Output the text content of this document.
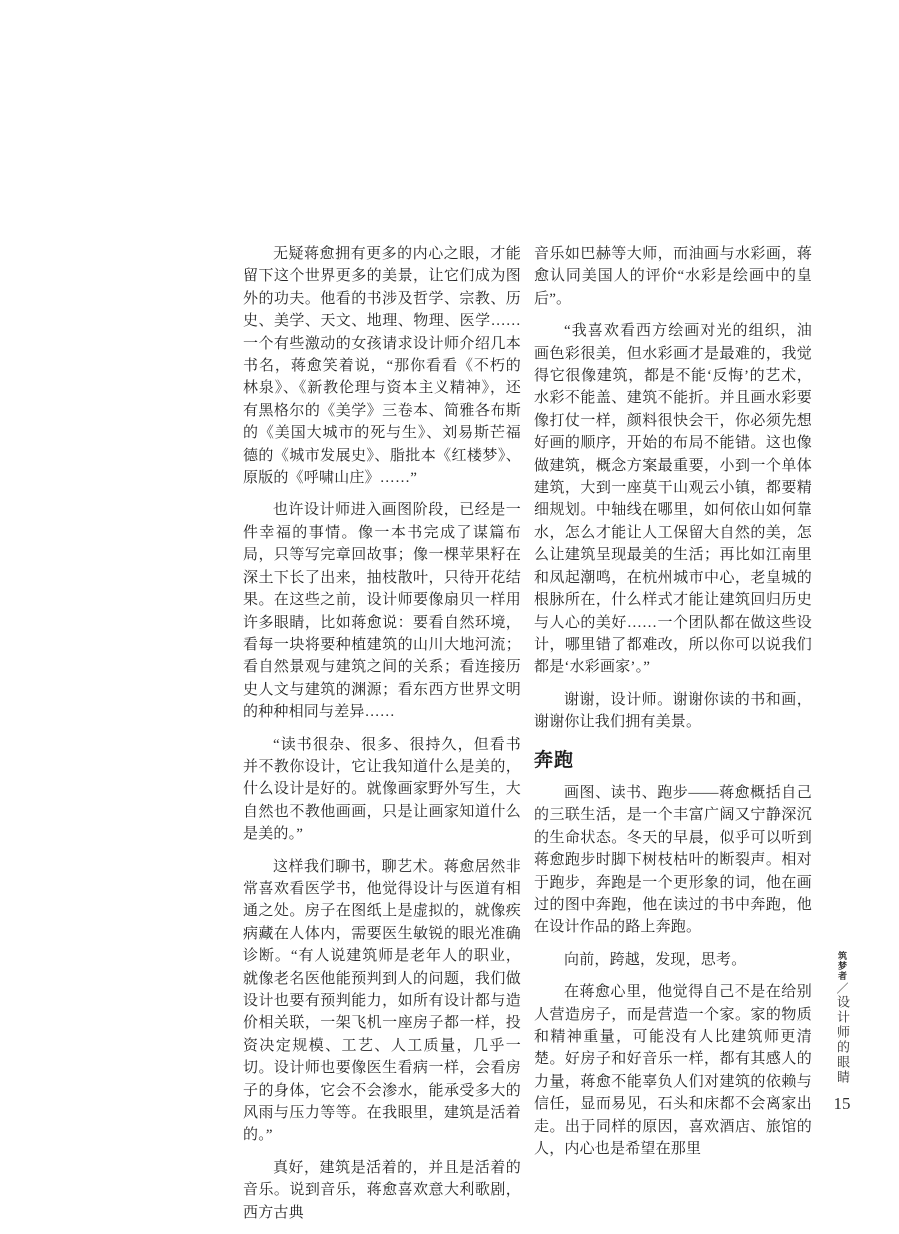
无疑蒋愈拥有更多的内心之眼，才能留下这个世界更多的美景，让它们成为图外的功夫。他看的书涉及哲学、宗教、历史、美学、天文、地理、物理、医学……一个有些激动的女孩请求设计师介绍几本书名，蒋愈笑着说，“那你看看《不朽的林泉》、《新教伦理与资本主义精神》，还有黑格尔的《美学》三卷本、简雅各布斯的《美国大城市的死与生》、刘易斯芒福德的《城市发展史》、脂批本《红楼梦》、原版的《呼啸山庄》……”

也许设计师进入画图阶段，已经是一件幸福的事情。像一本书完成了谋篇布局，只等写完章回故事；像一棵苹果籽在深土下长了出来，抽枝散叶，只待开花结果。在这些之前，设计师要像扇贝一样用许多眼睛，比如蒋愈说：要看自然环境，看每一块将要种植建筑的山川大地河流；看自然景观与建筑之间的关系；看连接历史人文与建筑的渊源；看东西方世界文明的种种相同与差异……

“读书很杂、很多、很持久，但看书并不教你设计，它让我知道什么是美的，什么设计是好的。就像画家野外写生，大自然也不教他画画，只是让画家知道什么是美的。”

这样我们聊书，聊艺术。蒋愈居然非常喜欢看医学书，他觉得设计与医道有相通之处。房子在图纸上是虚拟的，就像疾病藏在人体内，需要医生敏锐的眼光准确诊断。“有人说建筑师是老年人的职业，就像老名医他能预判到人的问题，我们做设计也要有预判能力，如所有设计都与造价相关联，一架飞机一座房子都一样，投资决定规模、工艺、人工质量，几乎一切。设计师也要像医生看病一样，会看房子的身体，它会不会渗水，能承受多大的风雨与压力等等。在我眼里，建筑是活着的。”

真好，建筑是活着的，并且是活着的音乐。说到音乐，蒋愈喜欢意大利歌剧，西方古典

音乐如巴赫等大师，而油画与水彩画，蒋愈认同美国人的评价“水彩是绘画中的皇后”。

“我喜欢看西方绘画对光的组织，油画色彩很美，但水彩画才是最难的，我觉得它很像建筑，都是不能‘反悔’的艺术，水彩不能盖、建筑不能折。并且画水彩要像打仗一样，颜料很快会干，你必须先想好画的顺序，开始的布局不能错。这也像做建筑，概念方案最重要，小到一个单体建筑，大到一座莫干山观云小镇，都要精细规划。中轴线在哪里，如何依山如何靠水，怎么才能让人工保留大自然的美，怎么让建筑呈现最美的生活；再比如江南里和凤起潮鸣，在杭州城市中心，老皇城的根脉所在，什么样式才能让建筑回归历史与人心的美好……一个团队都在做这些设计，哪里错了都难改，所以你可以说我们都是‘水彩画家’。”

谢谢，设计师。谢谢你读的书和画，谢谢你让我们拥有美景。

奔跑

画图、读书、跑步——蒋愈概括自己的三联生活，是一个丰富广阔又宁静深沉的生命状态。冬天的早晨，似乎可以听到蒋愈跑步时脚下树枝枯叶的断裂声。相对于跑步，奔跑是一个更形象的词，他在画过的图中奔跑，他在读过的书中奔跑，他在设计作品的路上奔跑。

向前，跨越，发现，思考。

在蒋愈心里，他觉得自己不是在给别人营造房子，而是营造一个家。家的物质和精神重量，可能没有人比建筑师更清楚。好房子和好音乐一样，都有其感人的力量，蒋愈不能辜负人们对建筑的依赖与信任，显而易见，石头和床都不会离家出走。出于同样的原因，喜欢酒店、旅馆的人，内心也是希望在那里

筑梦者／设计师的眼睛
15
